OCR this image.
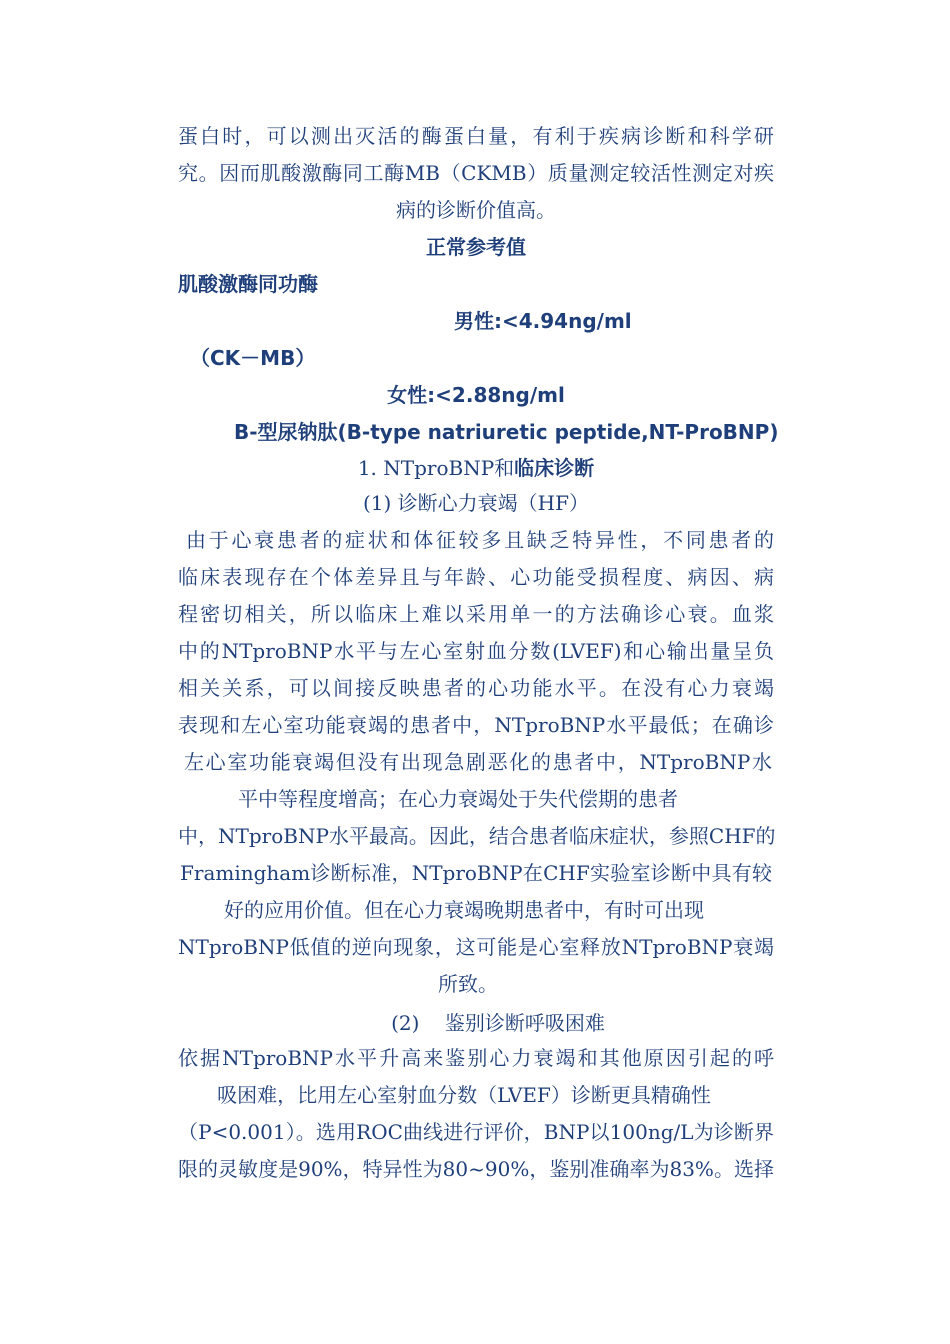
蛋白时，可以测出灭活的酶蛋白量，有利于疾病诊断和科学研
究。因而肌酸激酶同工酶MB（CKMB）质量测定较活性测定对疾
病的诊断价值高。
正常参考值
肌酸激酶同功酶
男性:<4.94ng/ml
（CK－MB）
女性:<2.88ng/ml
B-型尿钠肽(B-type natriuretic peptide,NT-ProBNP)
1. NTproBNP和临床诊断
(1) 诊断心力衰竭（HF）
由于心衰患者的症状和体征较多且缺乏特异性，不同患者的
临床表现存在个体差异且与年龄、心功能受损程度、病因、病
程密切相关，所以临床上难以采用单一的方法确诊心衰。血浆
中的NTproBNP水平与左心室射血分数(LVEF)和心输出量呈负
相关关系，可以间接反映患者的心功能水平。在没有心力衰竭
表现和左心室功能衰竭的患者中，NTproBNP水平最低；在确诊
左心室功能衰竭但没有出现急剧恶化的患者中，NTproBNP水
平中等程度增高；在心力衰竭处于失代偿期的患者
中，NTproBNP水平最高。因此，结合患者临床症状，参照CHF的
Framingham诊断标准，NTproBNP在CHF实验室诊断中具有较
好的应用价值。但在心力衰竭晚期患者中，有时可出现
NTproBNP低值的逆向现象，这可能是心室释放NTproBNP衰竭
所致。
(2)    鉴别诊断呼吸困难
依据NTproBNP水平升高来鉴别心力衰竭和其他原因引起的呼
吸困难，比用左心室射血分数（LVEF）诊断更具精确性
（P<0.001）。选用ROC曲线进行评价，BNP以100ng/L为诊断界
限的灵敏度是90%，特异性为80~90%，鉴别准确率为83%。选择
